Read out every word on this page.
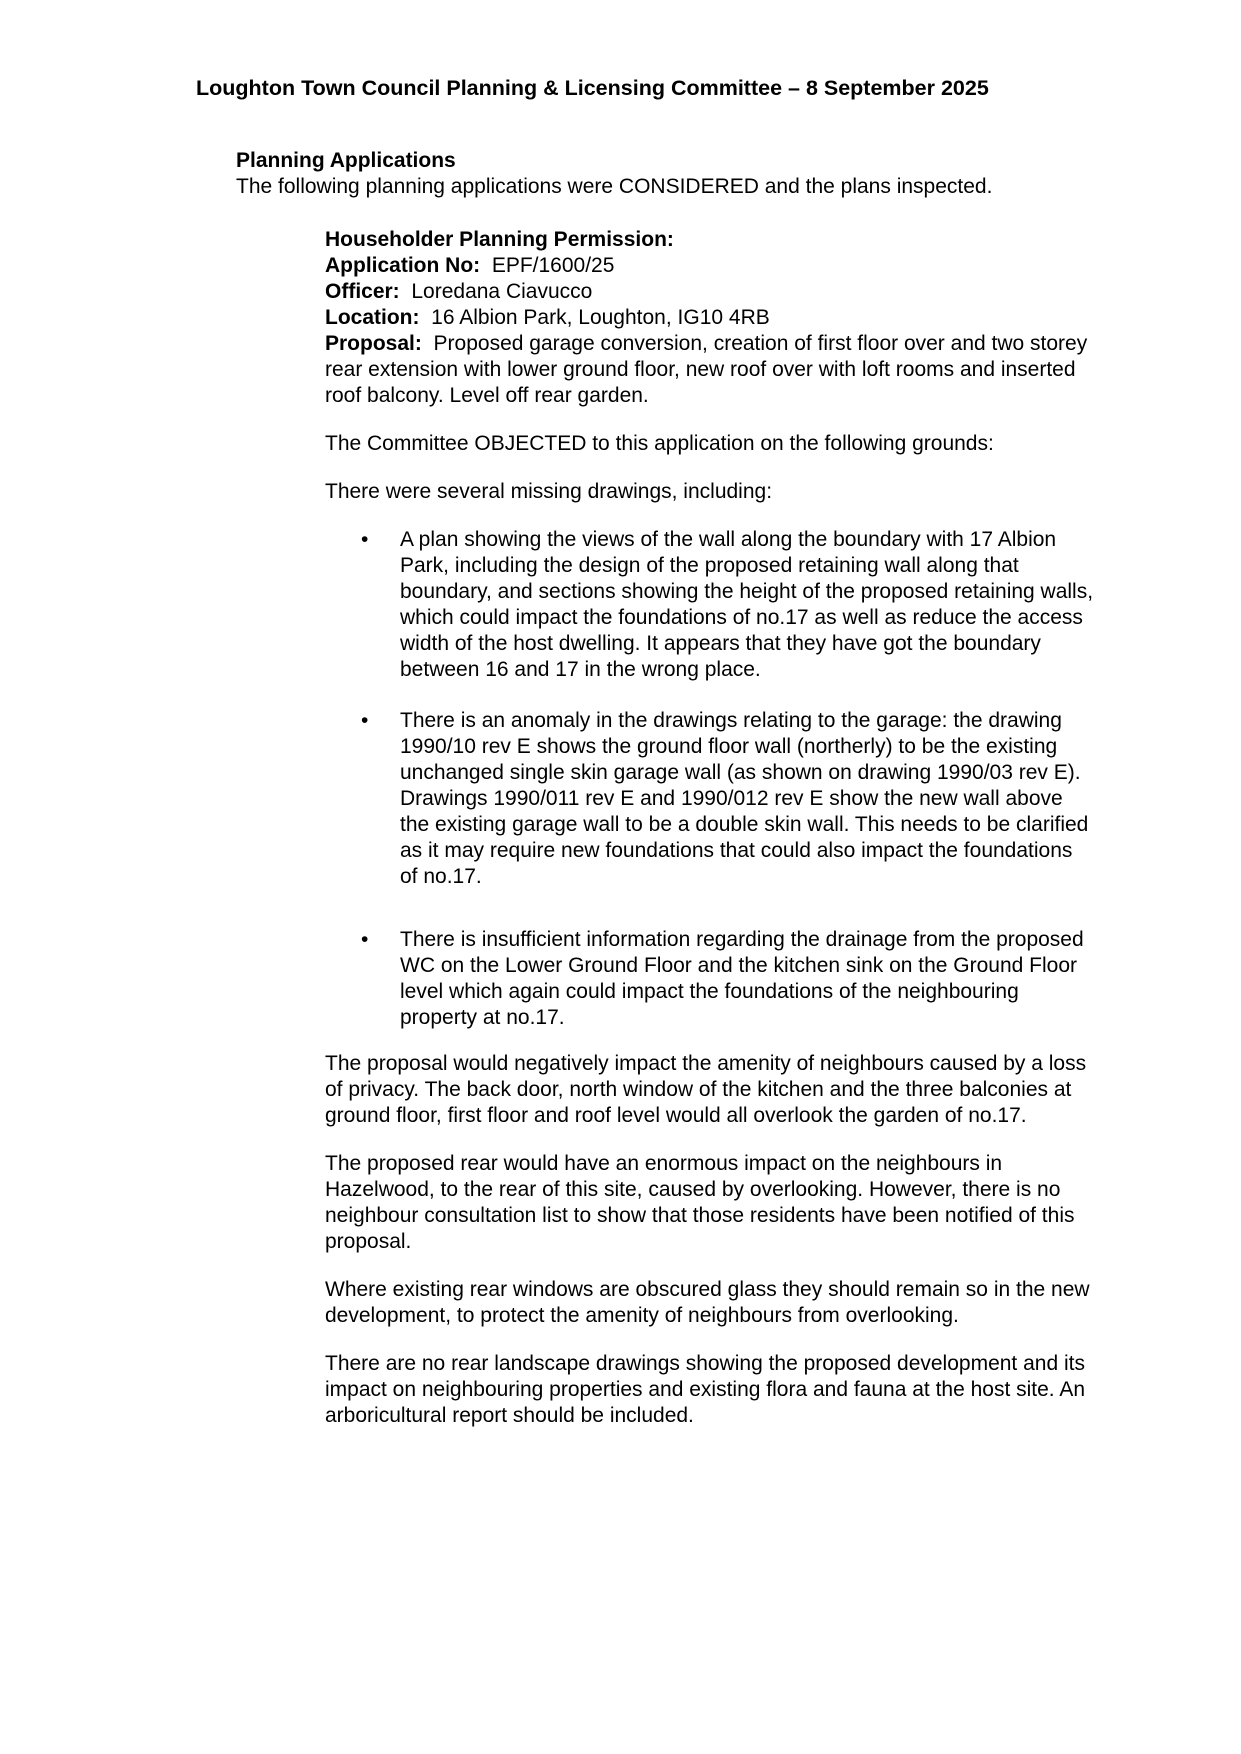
Loughton Town Council Planning & Licensing Committee – 8 September 2025

Planning Applications

The following planning applications were CONSIDERED and the plans inspected.

Householder Planning Permission:

Application No: EPF/1600/25

Officer: Loredana Ciavucco

Location: 16 Albion Park, Loughton, IG10 4RB

Proposal: Proposed garage conversion, creation of first floor over and two storey rear extension with lower ground floor, new roof over with loft rooms and inserted roof balcony. Level off rear garden.

The Committee OBJECTED to this application on the following grounds:

There were several missing drawings, including:

• A plan showing the views of the wall along the boundary with 17 Albion Park, including the design of the proposed retaining wall along that boundary, and sections showing the height of the proposed retaining walls, which could impact the foundations of no.17 as well as reduce the access width of the host dwelling. It appears that they have got the boundary between 16 and 17 in the wrong place.
• There is an anomaly in the drawings relating to the garage: the drawing 1990/10 rev E shows the ground floor wall (northerly) to be the existing unchanged single skin garage wall (as shown on drawing 1990/03 rev E). Drawings 1990/011 rev E and 1990/012 rev E show the new wall above the existing garage wall to be a double skin wall. This needs to be clarified as it may require new foundations that could also impact the foundations of no.17.
• There is insufficient information regarding the drainage from the proposed WC on the Lower Ground Floor and the kitchen sink on the Ground Floor level which again could impact the foundations of the neighbouring property at no.17.

The proposal would negatively impact the amenity of neighbours caused by a loss of privacy. The back door, north window of the kitchen and the three balconies at ground floor, first floor and roof level would all overlook the garden of no.17.

The proposed rear would have an enormous impact on the neighbours in Hazelwood, to the rear of this site, caused by overlooking. However, there is no neighbour consultation list to show that those residents have been notified of this proposal.

Where existing rear windows are obscured glass they should remain so in the new development, to protect the amenity of neighbours from overlooking.

There are no rear landscape drawings showing the proposed development and its impact on neighbouring properties and existing flora and fauna at the host site. An arboricultural report should be included.
